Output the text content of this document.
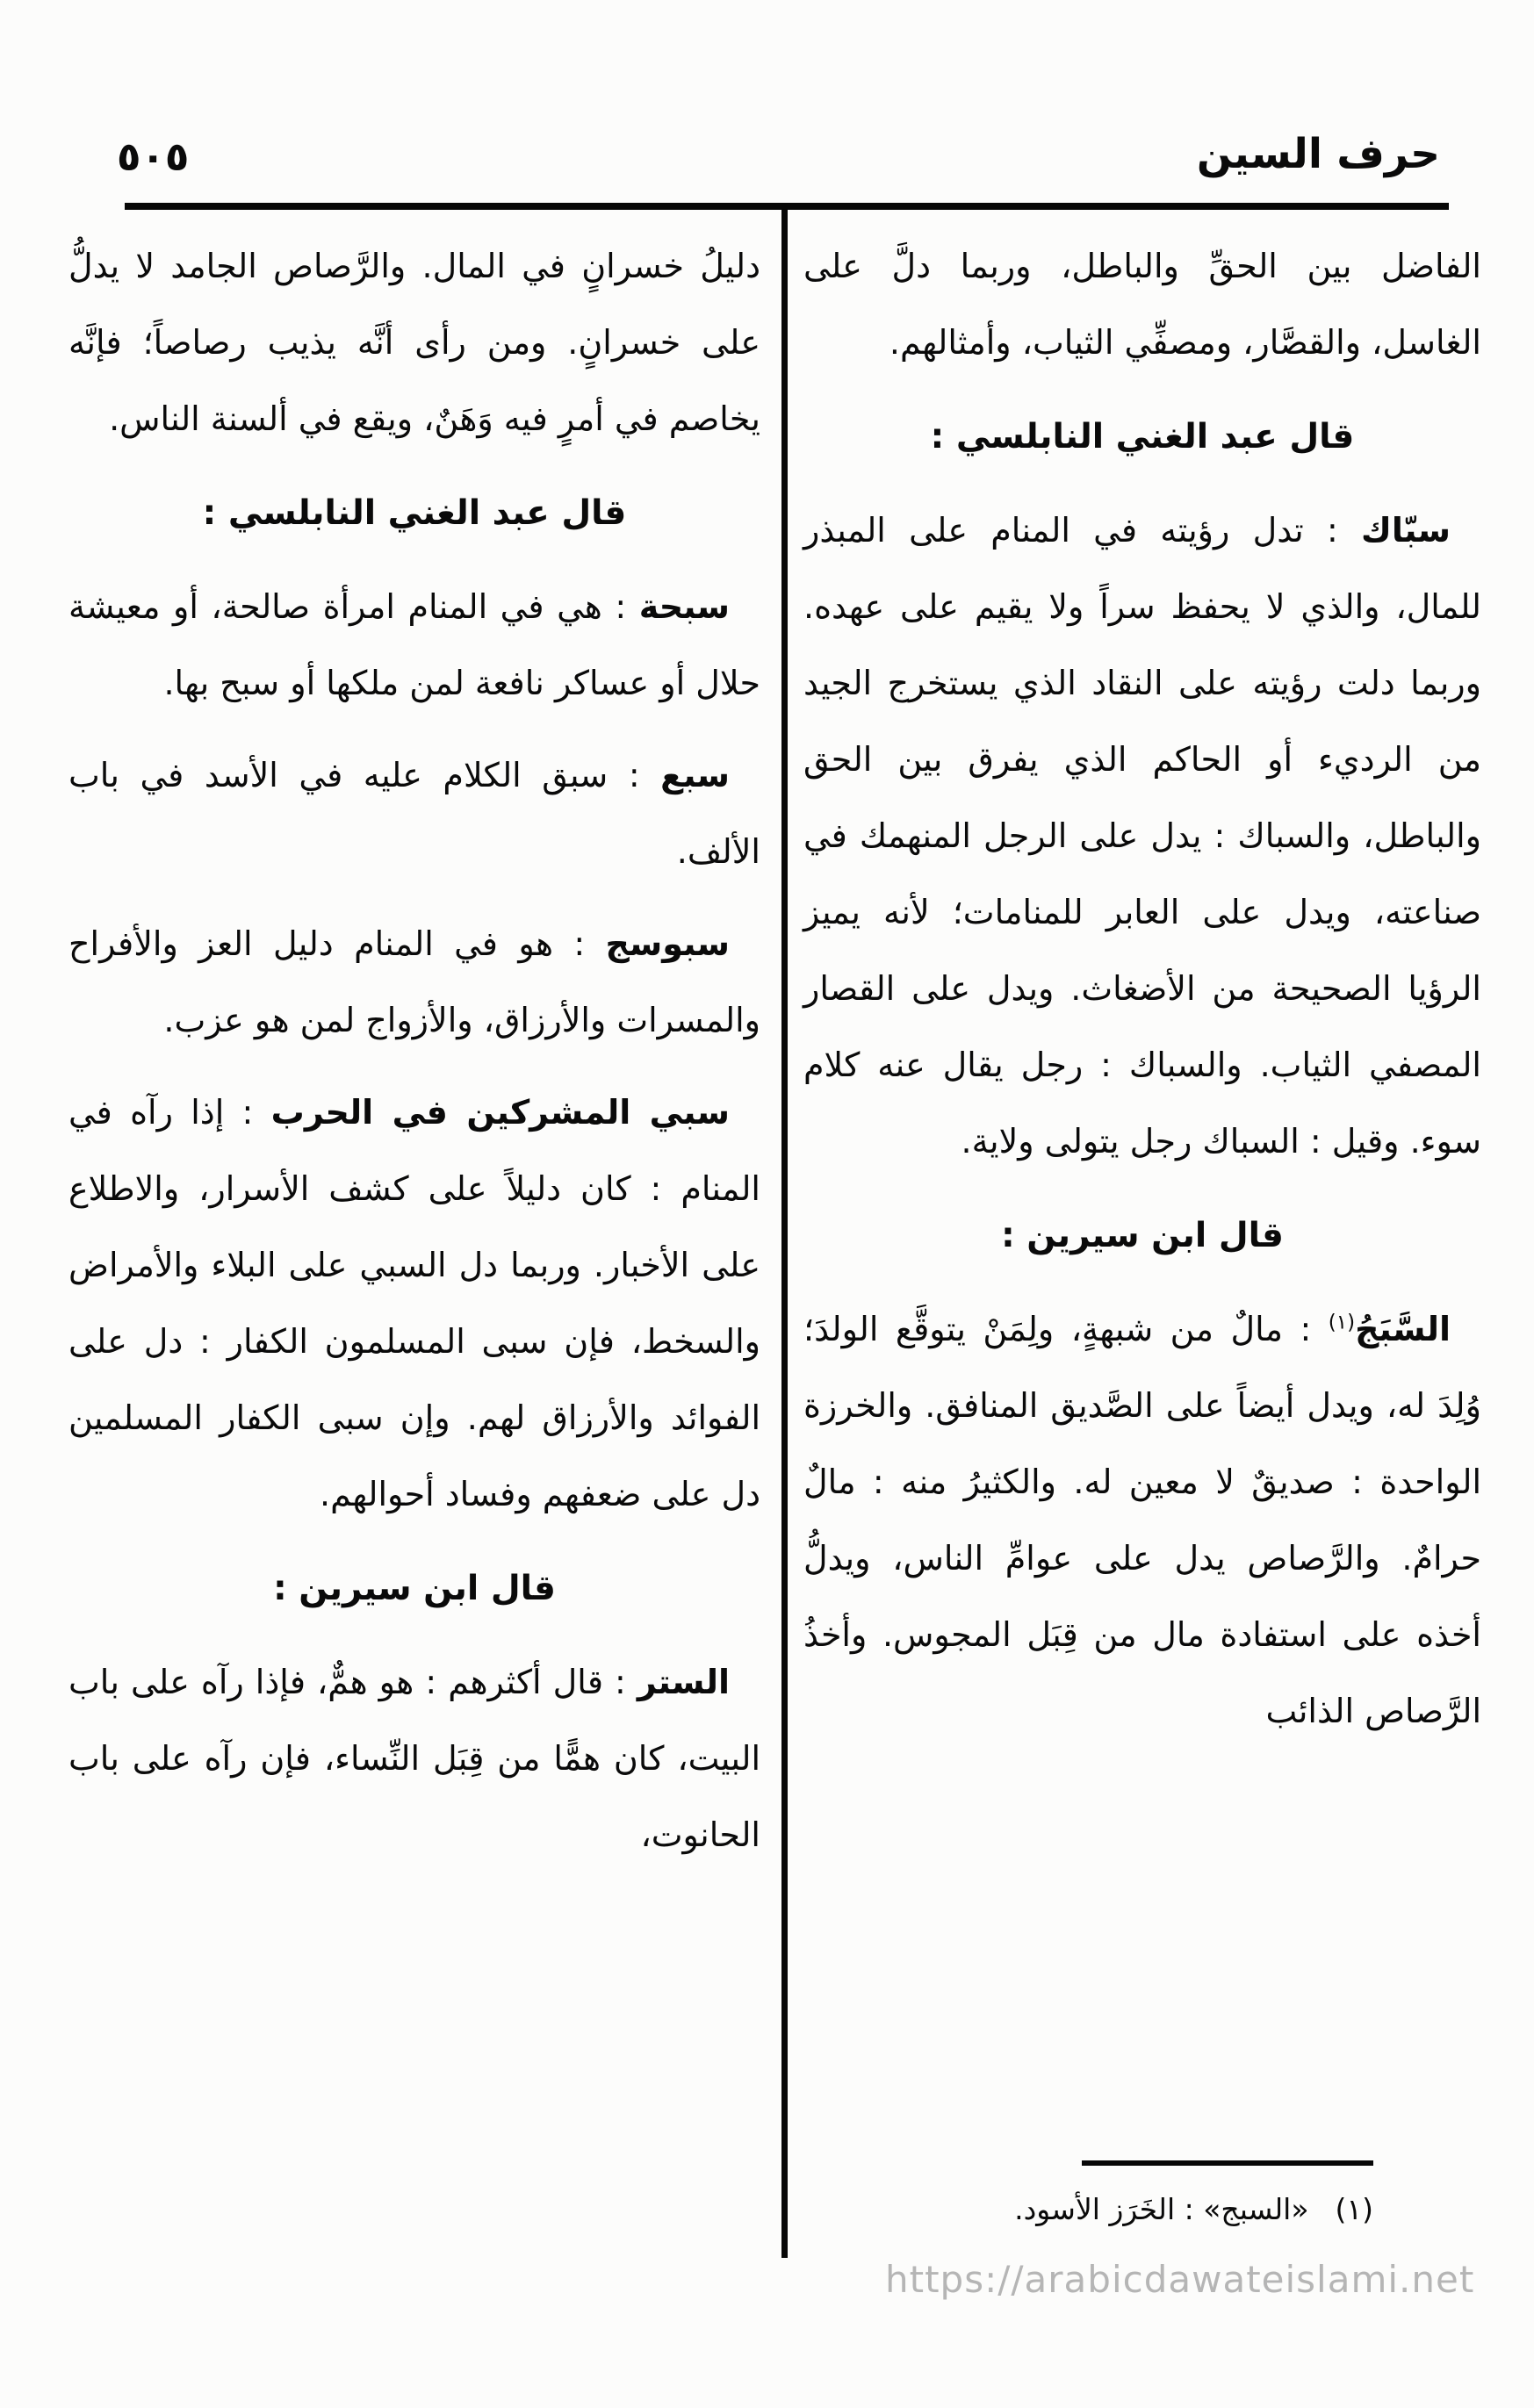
٥٠٥	حرف السين

الفاضل بين الحقِّ والباطل، وربما دلَّ على الغاسل، والقصَّار، ومصفِّي الثياب، وأمثالهم.

قال عبد الغني النابلسي :

سبّاك : تدل رؤيته في المنام على المبذر للمال، والذي لا يحفظ سراً ولا يقيم على عهده. وربما دلت رؤيته على النقاد الذي يستخرج الجيد من الرديء أو الحاكم الذي يفرق بين الحق والباطل، والسباك : يدل على الرجل المنهمك في صناعته، ويدل على العابر للمنامات؛ لأنه يميز الرؤيا الصحيحة من الأضغاث. ويدل على القصار المصفي الثياب. والسباك : رجل يقال عنه كلام سوء. وقيل : السباك رجل يتولى ولاية.

قال ابن سيرين :

السَّبَجُ$^{(١)}$ : مالٌ من شبهةٍ، ولِمَنْ يتوقَّع الولدَ؛ وُلِدَ له، ويدل أيضاً على الصَّديق المنافق. والخرزة الواحدة : صديقٌ لا معين له. والكثيرُ منه : مالٌ حرامٌ. والرَّصاص يدل على عوامِّ الناس، ويدلُّ أخذه على استفادة مال من قِبَل المجوس. وأخذُ الرَّصاص الذائب

دليلُ خسرانٍ في المال. والرَّصاص الجامد لا يدلُّ على خسرانٍ. ومن رأى أنَّه يذيب رصاصاً؛ فإنَّه يخاصم في أمرٍ فيه وَهَنٌ، ويقع في ألسنة الناس.

قال عبد الغني النابلسي :

سبحة : هي في المنام امرأة صالحة، أو معيشة حلال أو عساكر نافعة لمن ملكها أو سبح بها.

سبع : سبق الكلام عليه في الأسد في باب الألف.

سبوسج : هو في المنام دليل العز والأفراح والمسرات والأرزاق، والأزواج لمن هو عزب.

سبي المشركين في الحرب : إذا رآه في المنام : كان دليلاً على كشف الأسرار، والاطلاع على الأخبار. وربما دل السبي على البلاء والأمراض والسخط، فإن سبى المسلمون الكفار : دل على الفوائد والأرزاق لهم. وإن سبى الكفار المسلمين دل على ضعفهم وفساد أحوالهم.

قال ابن سيرين :

الستر : قال أكثرهم : هو همٌّ، فإذا رآه على باب البيت، كان همًّا من قِبَل النِّساء، فإن رآه على باب الحانوت،

(١)«السبج» : الخَرَز الأسود.
https://arabicdawateislami.net
